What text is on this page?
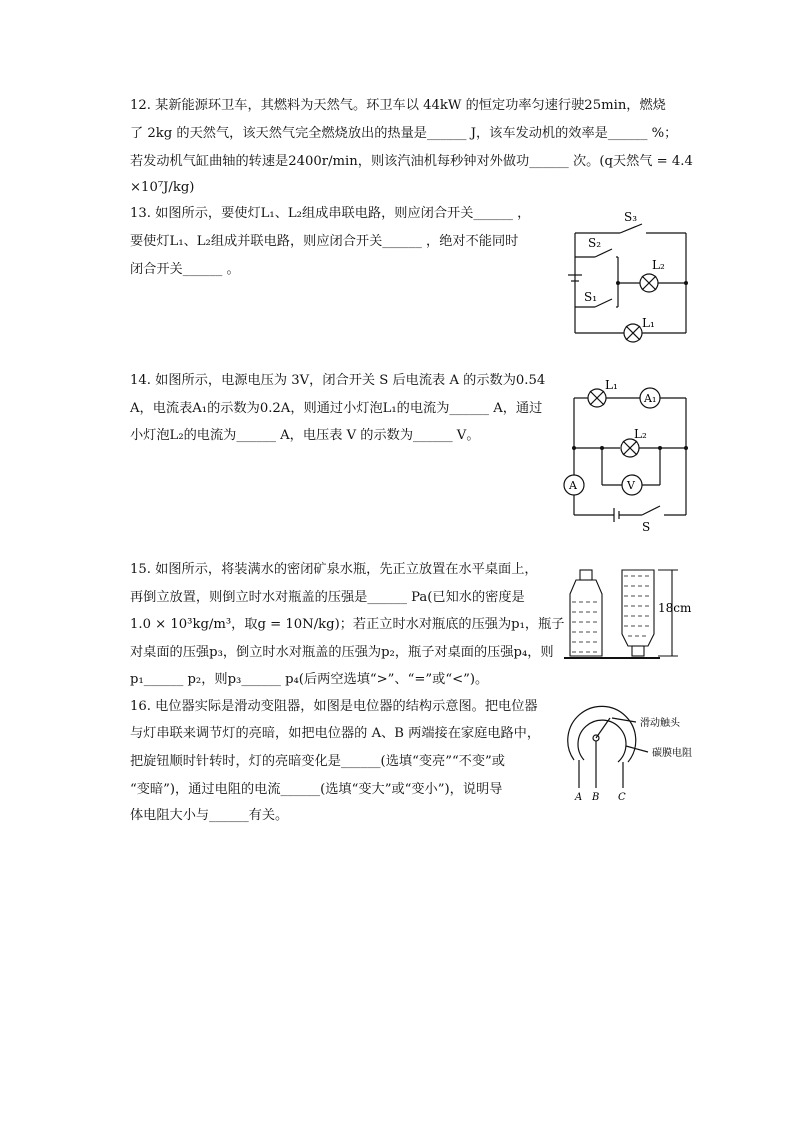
12. 某新能源环卫车，其燃料为天然气。环卫车以 44kW 的恒定功率匀速行驶25min，燃烧
了 2kg 的天然气，该天然气完全燃烧放出的热量是______ J，该车发动机的效率是______ %；
若发动机气缸曲轴的转速是2400r/min，则该汽油机每秒钟对外做功______ 次。(q天然气 = 4.4
×10⁷J/kg)
13. 如图所示，要使灯L₁、L₂组成串联电路，则应闭合开关______ ，
要使灯L₁、L₂组成并联电路，则应闭合开关______ ，绝对不能同时
闭合开关______ 。
S₃
S₂
S₁
L₂
L₁
14. 如图所示，电源电压为 3V，闭合开关 S 后电流表 A 的示数为0.54
A，电流表A₁的示数为0.2A，则通过小灯泡L₁的电流为______ A，通过
小灯泡L₂的电流为______ A，电压表 V 的示数为______ V。
L₁
A₁
L₂
A	V
S
15. 如图所示，将装满水的密闭矿泉水瓶，先正立放置在水平桌面上，
再倒立放置，则倒立时水对瓶盖的压强是______ Pa(已知水的密度是
1.0 × 10³kg/m³，取g = 10N/kg)；若正立时水对瓶底的压强为p₁，瓶子
对桌面的压强p₃，倒立时水对瓶盖的压强为p₂，瓶子对桌面的压强p₄，则
p₁______ p₂，则p₃______ p₄(后两空选填“>”、“=”或“<”)。
18cm
16. 电位器实际是滑动变阻器，如图是电位器的结构示意图。把电位器
与灯串联来调节灯的亮暗，如把电位器的 A、B 两端接在家庭电路中，
把旋钮顺时针转时，灯的亮暗变化是______(选填“变亮”“不变”或
“变暗”)，通过电阻的电流______(选填“变大”或“变小”)，说明导
体电阻大小与______有关。
滑动触头
碳膜电阻
A B C
